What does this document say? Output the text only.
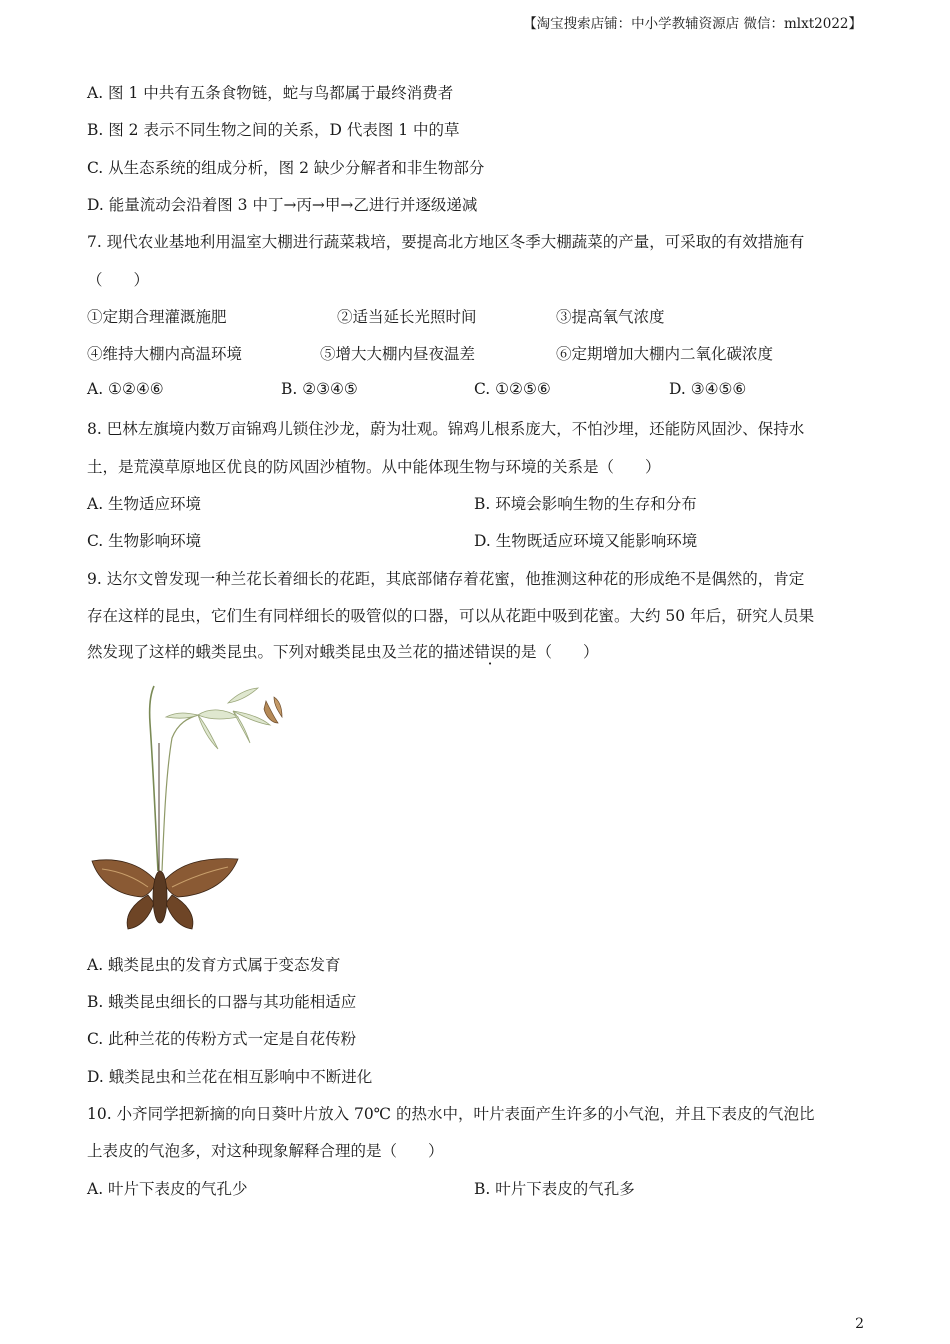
【淘宝搜索店铺：中小学教辅资源店 微信：mlxt2022】
A. 图 1 中共有五条食物链，蛇与鸟都属于最终消费者
B. 图 2 表示不同生物之间的关系，D 代表图 1 中的草
C. 从生态系统的组成分析，图 2 缺少分解者和非生物部分
D. 能量流动会沿着图 3 中丁→丙→甲→乙进行并逐级递减
7. 现代农业基地利用温室大棚进行蔬菜栽培，要提高北方地区冬季大棚蔬菜的产量，可采取的有效措施有
（　　）
①定期合理灌溉施肥	②适当延长光照时间	③提高氧气浓度
④维持大棚内高温环境	⑤增大大棚内昼夜温差	⑥定期增加大棚内二氧化碳浓度
A. ①②④⑥	B. ②③④⑤	C. ①②⑤⑥	D. ③④⑤⑥
8. 巴林左旗境内数万亩锦鸡儿锁住沙龙，蔚为壮观。锦鸡儿根系庞大，不怕沙埋，还能防风固沙、保持水
土，是荒漠草原地区优良的防风固沙植物。从中能体现生物与环境的关系是（　　）
A. 生物适应环境	B. 环境会影响生物的生存和分布
C. 生物影响环境	D. 生物既适应环境又能影响环境
9. 达尔文曾发现一种兰花长着细长的花距，其底部储存着花蜜，他推测这种花的形成绝不是偶然的，肯定
存在这样的昆虫，它们生有同样细长的吸管似的口器，可以从花距中吸到花蜜。大约 50 年后，研究人员果
然发现了这样的蛾类昆虫。下列对蛾类昆虫及兰花的描述错误的是（　　）
A. 蛾类昆虫的发育方式属于变态发育
B. 蛾类昆虫细长的口器与其功能相适应
C. 此种兰花的传粉方式一定是自花传粉
D. 蛾类昆虫和兰花在相互影响中不断进化
10. 小齐同学把新摘的向日葵叶片放入 70℃ 的热水中，叶片表面产生许多的小气泡，并且下表皮的气泡比
上表皮的气泡多，对这种现象解释合理的是（　　）
A. 叶片下表皮的气孔少	B. 叶片下表皮的气孔多
2
